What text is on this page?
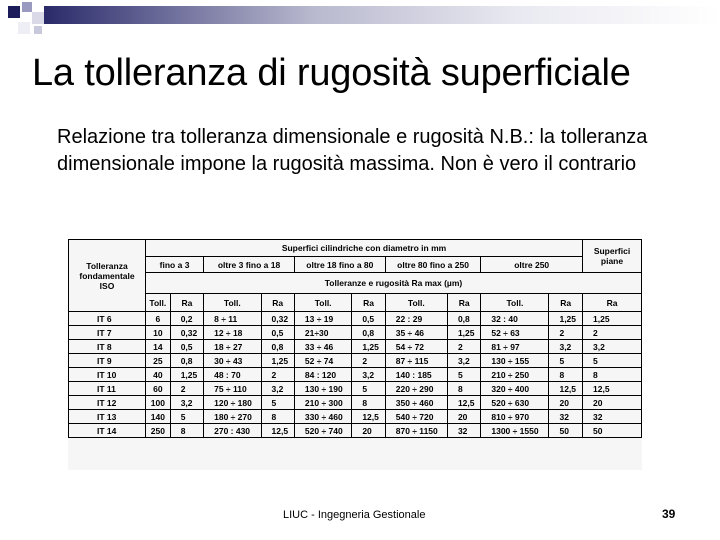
La tolleranza di rugosità superficiale
Relazione tra tolleranza dimensionale e rugosità N.B.: la tolleranza dimensionale impone la rugosità massima. Non è vero il contrario
Tolleranza fondamentale ISO	Superfici cilindriche con diametro in mm										Superfici piane
	fino a 3		oltre 3 fino a 18		oltre 18 fino a 80		oltre 80 fino a 250		oltre 250		
	Tolleranze e rugosità Ra max (µm)										
	Toll.	Ra	Toll.	Ra	Toll.	Ra	Toll.	Ra	Toll.	Ra	Ra
IT 6	6	0,2	8 ÷ 11	0,32	13 ÷ 19	0,5	22 : 29	0,8	32 : 40	1,25	1,25
IT 7	10	0,32	12 ÷ 18	0,5	21÷30	0,8	35 ÷ 46	1,25	52 ÷ 63	2	2
IT 8	14	0,5	18 ÷ 27	0,8	33 ÷ 46	1,25	54 ÷ 72	2	81 ÷ 97	3,2	3,2
IT 9	25	0,8	30 ÷ 43	1,25	52 ÷ 74	2	87 ÷ 115	3,2	130 ÷ 155	5	5
IT 10	40	1,25	48 : 70	2	84 : 120	3,2	140 : 185	5	210 ÷ 250	8	8
IT 11	60	2	75 ÷ 110	3,2	130 ÷ 190	5	220 ÷ 290	8	320 ÷ 400	12,5	12,5
IT 12	100	3,2	120 ÷ 180	5	210 ÷ 300	8	350 ÷ 460	12,5	520 ÷ 630	20	20
IT 13	140	5	180 ÷ 270	8	330 ÷ 460	12,5	540 ÷ 720	20	810 ÷ 970	32	32
IT 14	250	8	270 : 430	12,5	520 ÷ 740	20	870 ÷ 1150	32	1300 ÷ 1550	50	50
LIUC - Ingegneria Gestionale	39
